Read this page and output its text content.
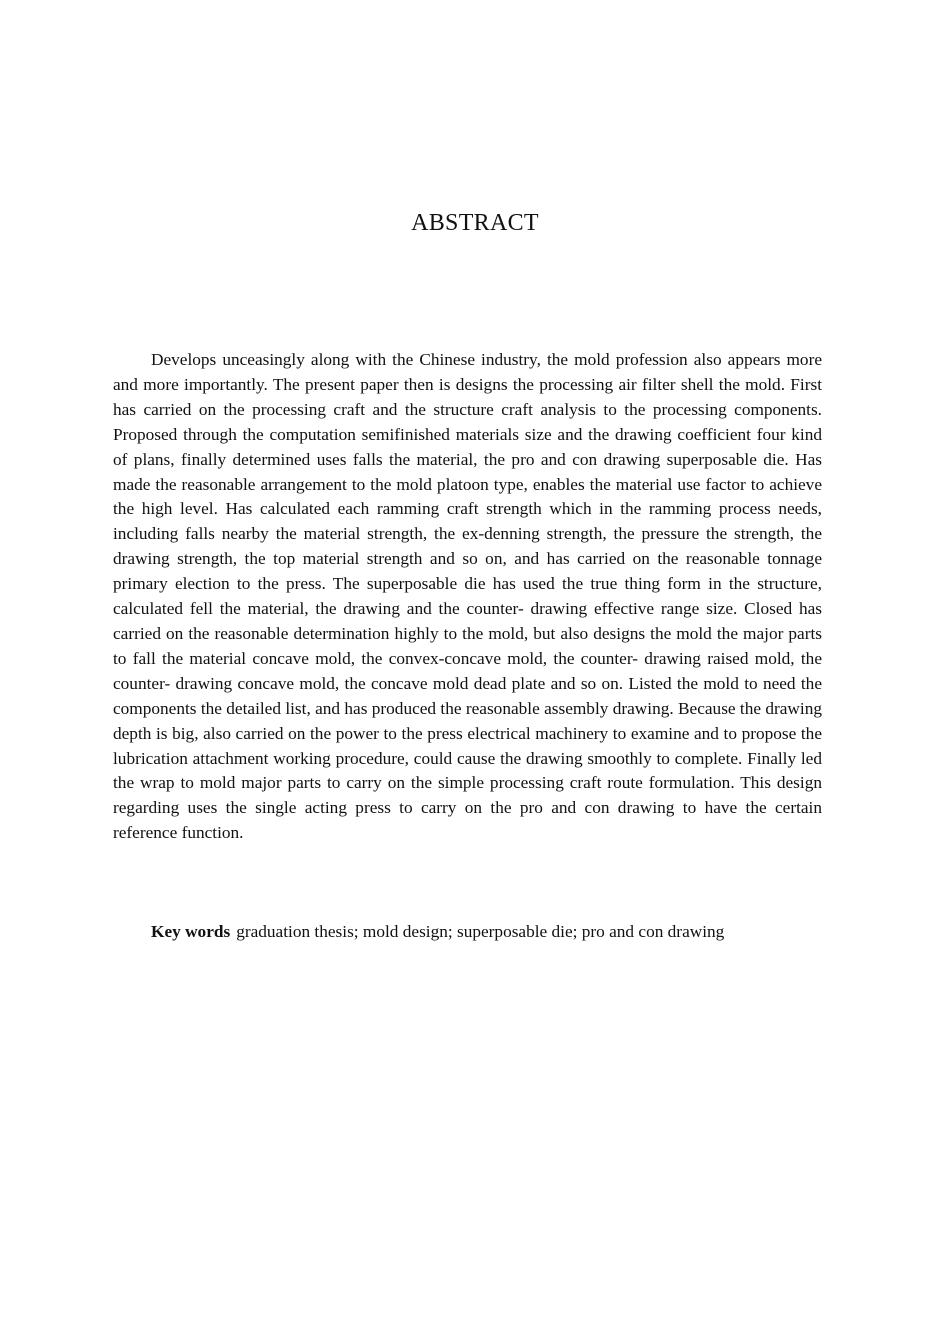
ABSTRACT

Develops unceasingly along with the Chinese industry, the mold profession also appears more and more importantly. The present paper then is designs the processing air filter shell the mold. First has carried on the processing craft and the structure craft analysis to the processing components. Proposed through the computation semifinished materials size and the drawing coefficient four kind of plans, finally determined uses falls the material, the pro and con drawing superposable die. Has made the reasonable arrangement to the mold platoon type, enables the material use factor to achieve the high level. Has calculated each ramming craft strength which in the ramming process needs, including falls nearby the material strength, the ex-denning strength, the pressure the strength, the drawing strength, the top material strength and so on, and has carried on the reasonable tonnage primary election to the press. The superposable die has used the true thing form in the structure, calculated fell the material, the drawing and the counter- drawing effective range size. Closed has carried on the reasonable determination highly to the mold, but also designs the mold the major parts to fall the material concave mold, the convex-concave mold, the counter- drawing raised mold, the counter- drawing concave mold, the concave mold dead plate and so on. Listed the mold to need the components the detailed list, and has produced the reasonable assembly drawing. Because the drawing depth is big, also carried on the power to the press electrical machinery to examine and to propose the lubrication attachment working procedure, could cause the drawing smoothly to complete. Finally led the wrap to mold major parts to carry on the simple processing craft route formulation. This design regarding uses the single acting press to carry on the pro and con drawing to have the certain reference function.

Key words graduation thesis; mold design; superposable die; pro and con drawing
